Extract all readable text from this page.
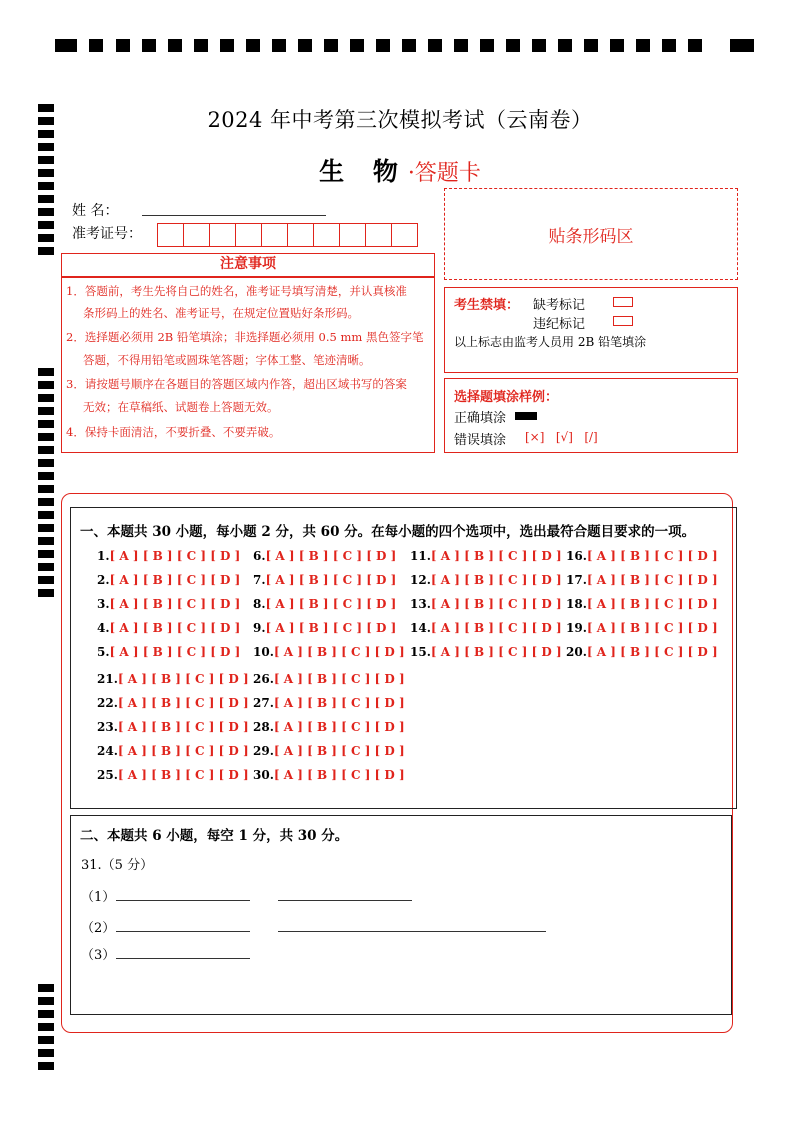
2024 年中考第三次模拟考试（云南卷）
生 物·答题卡
姓 名：
准考证号：	贴条形码区
注意事项
1．答题前，考生先将自己的姓名，准考证号填写清楚，并认真核准
条形码上的姓名、准考证号，在规定位置贴好条形码。
2．选择题必须用 2B 铅笔填涂；非选择题必须用 0.5 mm 黑色签字笔
答题，不得用铅笔或圆珠笔答题；字体工整、笔迹清晰。
3．请按题号顺序在各题目的答题区域内作答，超出区域书写的答案
无效；在草稿纸、试题卷上答题无效。
4．保持卡面清洁，不要折叠、不要弄破。
考生禁填： 缺考标记
违纪标记
以上标志由监考人员用 2B 铅笔填涂
选择题填涂样例：
正确填涂
错误填涂 [×]   [√]   [/]
一、本题共 30 小题，每小题 2 分，共 60 分。在每小题的四个选项中，选出最符合题目要求的一项。
1.[ A ] [ B ] [ C ] [ D ]
2.[ A ] [ B ] [ C ] [ D ]
3.[ A ] [ B ] [ C ] [ D ]
4.[ A ] [ B ] [ C ] [ D ]
5.[ A ] [ B ] [ C ] [ D ]
6.[ A ] [ B ] [ C ] [ D ]
7.[ A ] [ B ] [ C ] [ D ]
8.[ A ] [ B ] [ C ] [ D ]
9.[ A ] [ B ] [ C ] [ D ]
10.[ A ] [ B ] [ C ] [ D ]
11.[ A ] [ B ] [ C ] [ D ]
12.[ A ] [ B ] [ C ] [ D ]
13.[ A ] [ B ] [ C ] [ D ]
14.[ A ] [ B ] [ C ] [ D ]
15.[ A ] [ B ] [ C ] [ D ]
16.[ A ] [ B ] [ C ] [ D ]
17.[ A ] [ B ] [ C ] [ D ]
18.[ A ] [ B ] [ C ] [ D ]
19.[ A ] [ B ] [ C ] [ D ]
20.[ A ] [ B ] [ C ] [ D ]
21.[ A ] [ B ] [ C ] [ D ]
22.[ A ] [ B ] [ C ] [ D ]
23.[ A ] [ B ] [ C ] [ D ]
24.[ A ] [ B ] [ C ] [ D ]
25.[ A ] [ B ] [ C ] [ D ]
26.[ A ] [ B ] [ C ] [ D ]
27.[ A ] [ B ] [ C ] [ D ]
28.[ A ] [ B ] [ C ] [ D ]
29.[ A ] [ B ] [ C ] [ D ]
30.[ A ] [ B ] [ C ] [ D ]
二、本题共 6 小题，每空 1 分，共 30 分。
31.（5 分）
（1）
（2）
（3）
